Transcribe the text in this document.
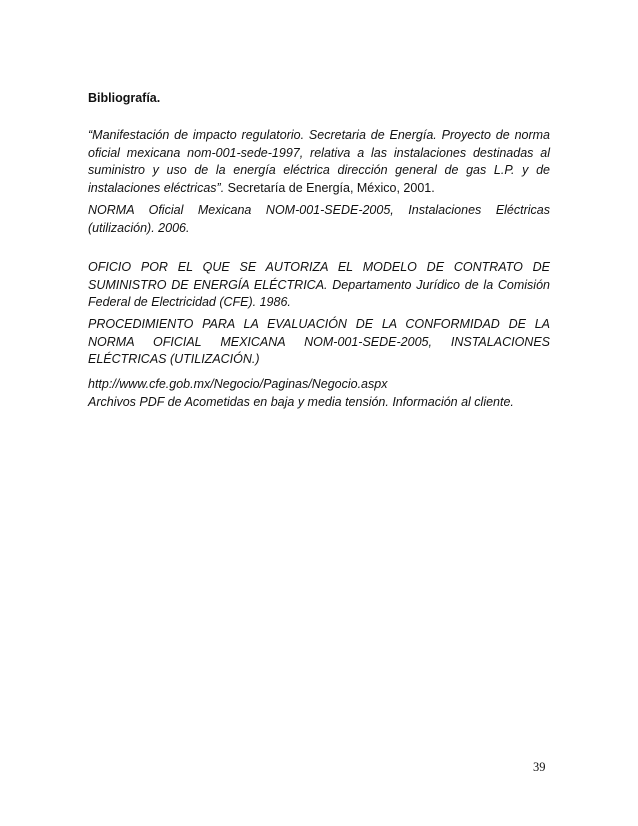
Bibliografía.

“Manifestación de impacto regulatorio. Secretaria de Energía. Proyecto de norma oficial mexicana nom-001-sede-1997, relativa a las instalaciones destinadas al suministro y uso de la energía eléctrica dirección general de gas L.P. y de instalaciones eléctricas”. Secretaría de Energía, México, 2001.

NORMA Oficial Mexicana NOM-001-SEDE-2005, Instalaciones Eléctricas (utilización). 2006.

OFICIO POR EL QUE SE AUTORIZA EL MODELO DE CONTRATO DE SUMINISTRO DE ENERGÍA ELÉCTRICA. Departamento Jurídico de la Comisión Federal de Electricidad (CFE). 1986.

PROCEDIMIENTO PARA LA EVALUACIÓN DE LA CONFORMIDAD DE LA NORMA OFICIAL MEXICANA NOM-001-SEDE-2005, INSTALACIONES ELÉCTRICAS (UTILIZACIÓN.)

http://www.cfe.gob.mx/Negocio/Paginas/Negocio.aspx
Archivos PDF de Acometidas en baja y media tensión. Información al cliente.

39
